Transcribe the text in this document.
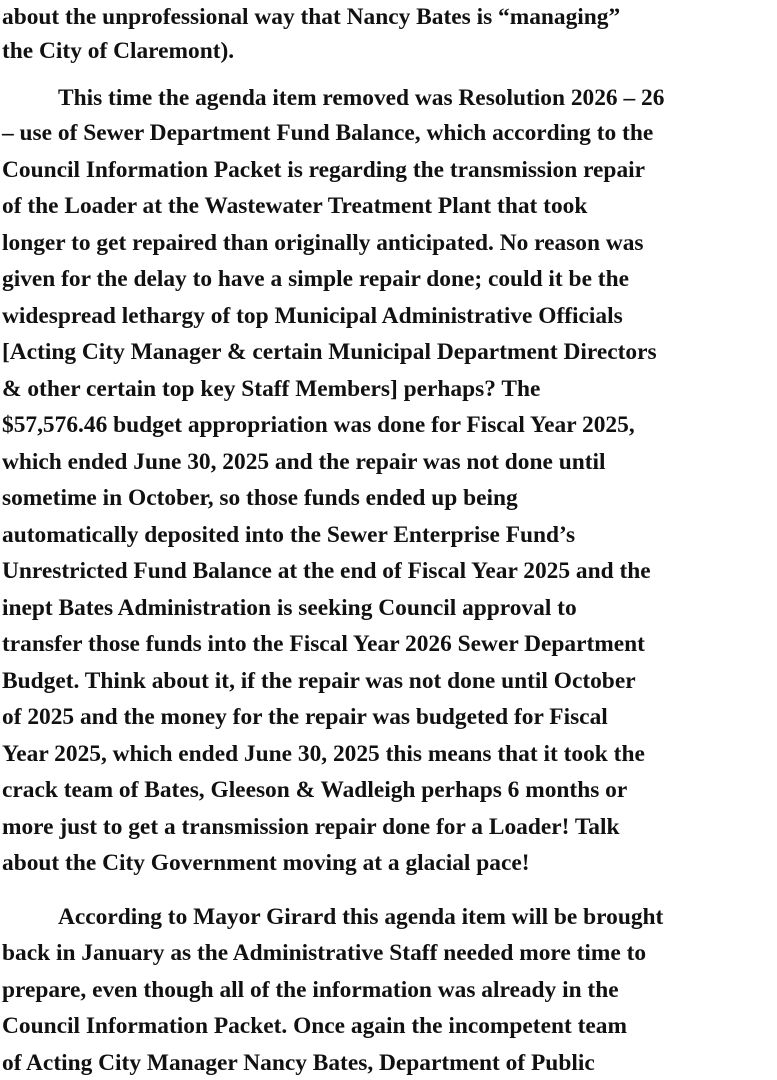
about the unprofessional way that Nancy Bates is “managing”

the City of Claremont).

This time the agenda item removed was Resolution 2026 – 26

– use of Sewer Department Fund Balance, which according to the

Council Information Packet is regarding the transmission repair

of the Loader at the Wastewater Treatment Plant that took

longer to get repaired than originally anticipated. No reason was

given for the delay to have a simple repair done; could it be the

widespread lethargy of top Municipal Administrative Officials

[Acting City Manager & certain Municipal Department Directors

& other certain top key Staff Members] perhaps? The

$57,576.46 budget appropriation was done for Fiscal Year 2025,

which ended June 30, 2025 and the repair was not done until

sometime in October, so those funds ended up being

automatically deposited into the Sewer Enterprise Fund’s

Unrestricted Fund Balance at the end of Fiscal Year 2025 and the

inept Bates Administration is seeking Council approval to

transfer those funds into the Fiscal Year 2026 Sewer Department

Budget. Think about it, if the repair was not done until October

of 2025 and the money for the repair was budgeted for Fiscal

Year 2025, which ended June 30, 2025 this means that it took the

crack team of Bates, Gleeson & Wadleigh perhaps 6 months or

more just to get a transmission repair done for a Loader! Talk

about the City Government moving at a glacial pace!

According to Mayor Girard this agenda item will be brought

back in January as the Administrative Staff needed more time to

prepare, even though all of the information was already in the

Council Information Packet. Once again the incompetent team

of Acting City Manager Nancy Bates, Department of Public
